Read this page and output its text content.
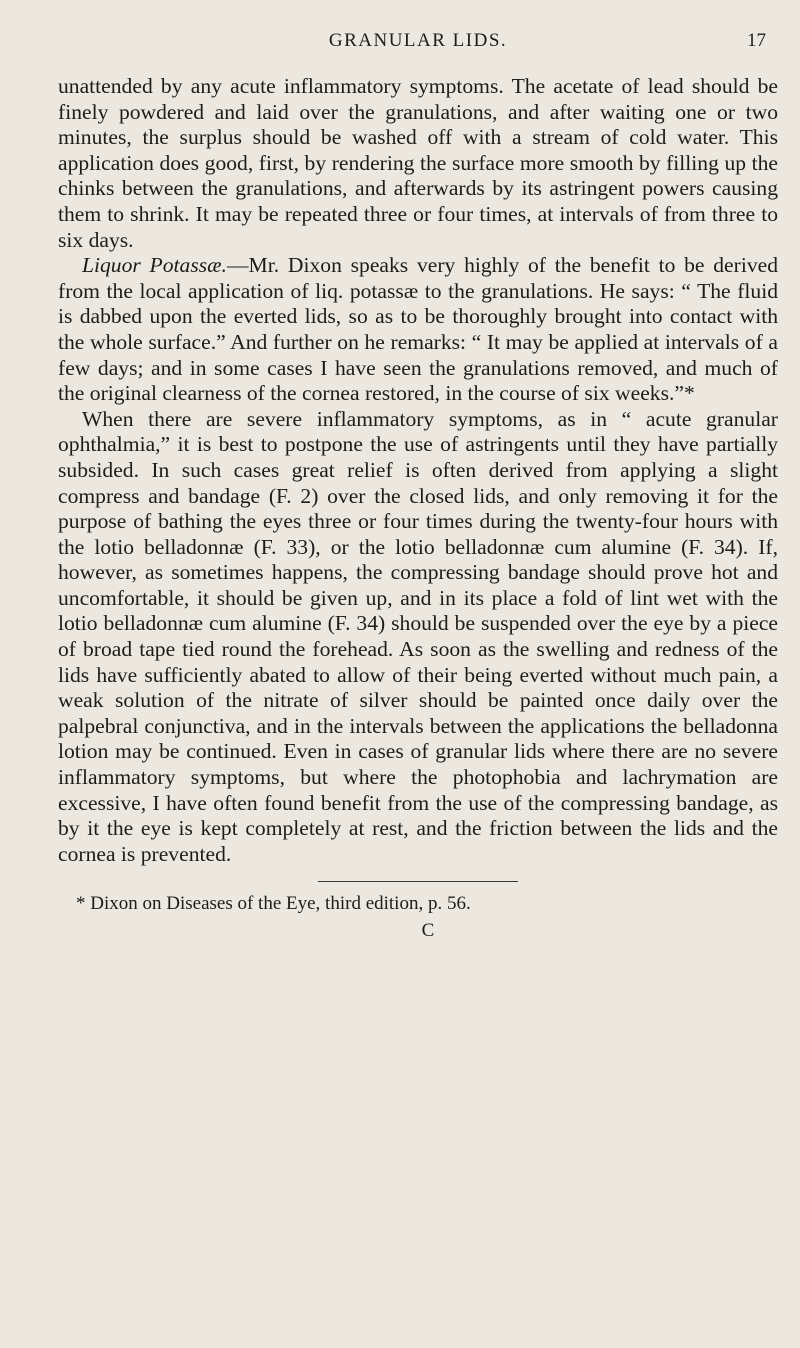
GRANULAR LIDS.	17

unattended by any acute inflammatory symptoms. The acetate of lead should be finely powdered and laid over the granulations, and after waiting one or two minutes, the surplus should be washed off with a stream of cold water. This application does good, first, by rendering the surface more smooth by filling up the chinks between the granulations, and afterwards by its astringent powers causing them to shrink. It may be repeated three or four times, at intervals of from three to six days.

Liquor Potassæ.—Mr. Dixon speaks very highly of the benefit to be derived from the local application of liq. potassæ to the granulations. He says: “ The fluid is dabbed upon the everted lids, so as to be thoroughly brought into contact with the whole surface.” And further on he remarks: “ It may be applied at intervals of a few days; and in some cases I have seen the granulations removed, and much of the original clearness of the cornea restored, in the course of six weeks.”*

When there are severe inflammatory symptoms, as in “ acute granular ophthalmia,” it is best to postpone the use of astringents until they have partially subsided. In such cases great relief is often derived from applying a slight compress and bandage (F. 2) over the closed lids, and only removing it for the purpose of bathing the eyes three or four times during the twenty-four hours with the lotio belladonnæ (F. 33), or the lotio belladonnæ cum alumine (F. 34). If, however, as sometimes happens, the compressing bandage should prove hot and uncomfortable, it should be given up, and in its place a fold of lint wet with the lotio belladonnæ cum alumine (F. 34) should be suspended over the eye by a piece of broad tape tied round the forehead. As soon as the swelling and redness of the lids have sufficiently abated to allow of their being everted without much pain, a weak solution of the nitrate of silver should be painted once daily over the palpebral conjunctiva, and in the intervals between the applications the belladonna lotion may be continued. Even in cases of granular lids where there are no severe inflammatory symptoms, but where the photophobia and lachrymation are excessive, I have often found benefit from the use of the compressing bandage, as by it the eye is kept completely at rest, and the friction between the lids and the cornea is prevented.

* Dixon on Diseases of the Eye, third edition, p. 56.
C
